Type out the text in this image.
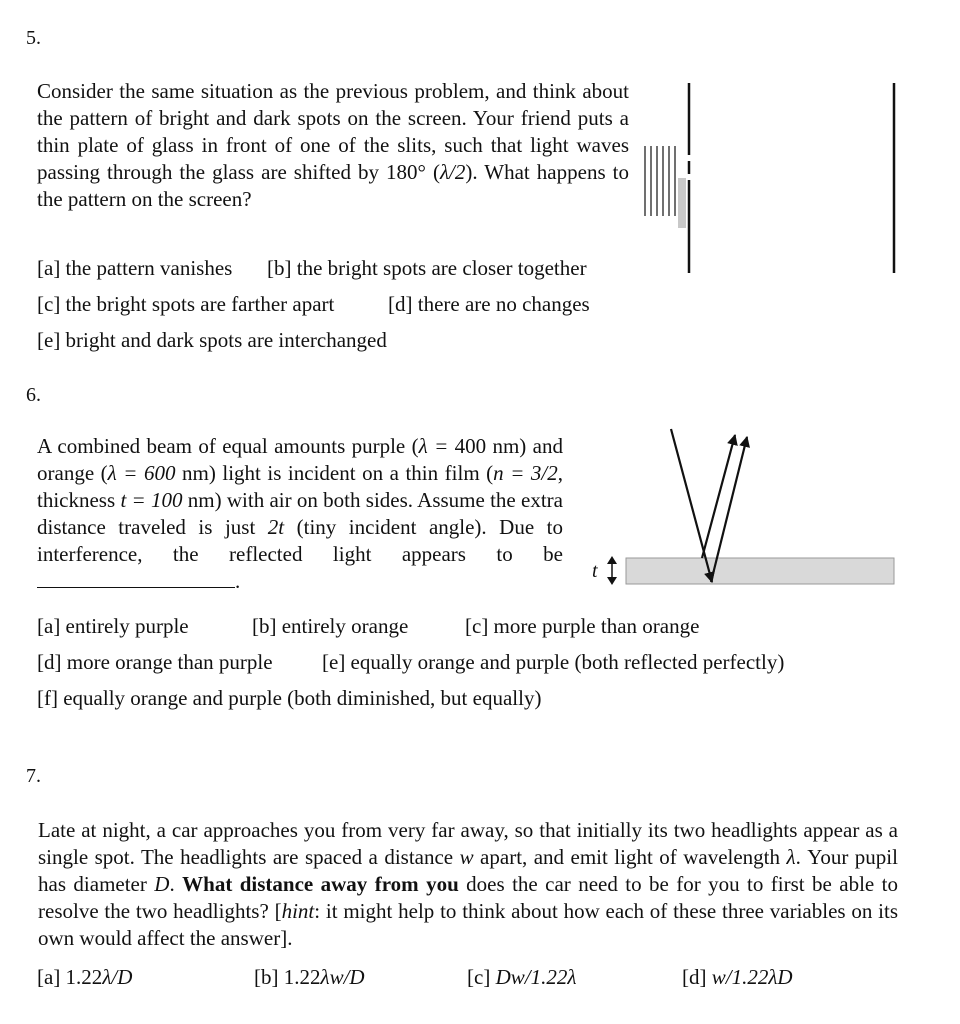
5.

Consider the same situation as the previous problem, and think about the pattern of bright and dark spots on the screen. Your friend puts a thin plate of glass in front of one of the slits, such that light waves passing through the glass are shifted by 180° (λ/2). What happens to the pattern on the screen?

[a] the pattern vanishes [b] the bright spots are closer together
[c] the bright spots are farther apart	[d] there are no changes
[e] bright and dark spots are interchanged
6.

A combined beam of equal amounts purple (λ = 400 nm) and orange (λ = 600 nm) light is incident on a thin film (n = 3/2, thickness t = 100 nm) with air on both sides. Assume the extra distance traveled is just 2t (tiny incident angle). Due to interference, the reflected light appears to be .

[a] entirely purple	[b] entirely orange	[c] more purple than orange
[d] more orange than purple [e] equally orange and purple (both reflected perfectly)
[f] equally orange and purple (both diminished, but equally)
t
7.

Late at night, a car approaches you from very far away, so that initially its two headlights appear as a single spot. The headlights are spaced a distance w apart, and emit light of wavelength λ. Your pupil has diameter D. What distance away from you does the car need to be for you to first be able to resolve the two headlights? [hint: it might help to think about how each of these three variables on its own would affect the answer].

[a] 1.22λ/D	[b] 1.22λw/D	[c] Dw/1.22λ	[d] w/1.22λD
